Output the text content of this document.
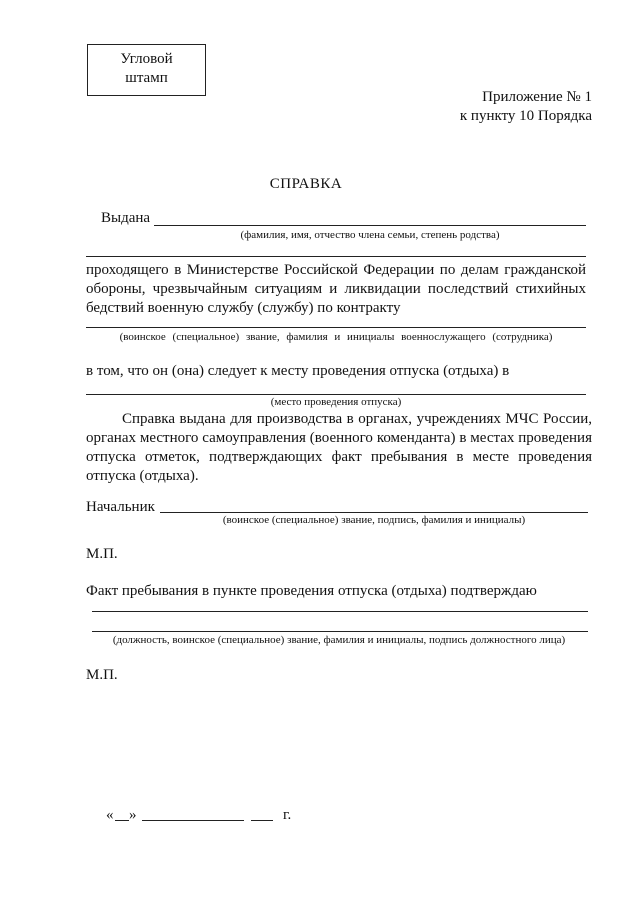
Угловой
штамп
Приложение № 1
к пункту 10 Порядка
СПРАВКА
Выдана
(фамилия, имя, отчество члена семьи, степень родства)
проходящего в Министерстве Российской Федерации по делам гражданской обороны, чрезвычайным ситуациям и ликвидации последствий стихийных бедствий военную службу (службу) по контракту
(воинское (специальное) звание, фамилия и инициалы военнослужащего (сотрудника)
в том, что он (она) следует к месту проведения отпуска (отдыха) в
(место проведения отпуска)
Справка выдана для производства в органах, учреждениях МЧС России, органах местного самоуправления (военного коменданта) в местах проведения отпуска отметок, подтверждающих факт пребывания в месте проведения отпуска (отдыха).
Начальник
(воинское (специальное) звание, подпись, фамилия и инициалы)
М.П.
Факт пребывания в пункте проведения отпуска (отдыха) подтверждаю
(должность, воинское (специальное) звание, фамилия и инициалы, подпись должностного лица)
М.П.
« »	г.
